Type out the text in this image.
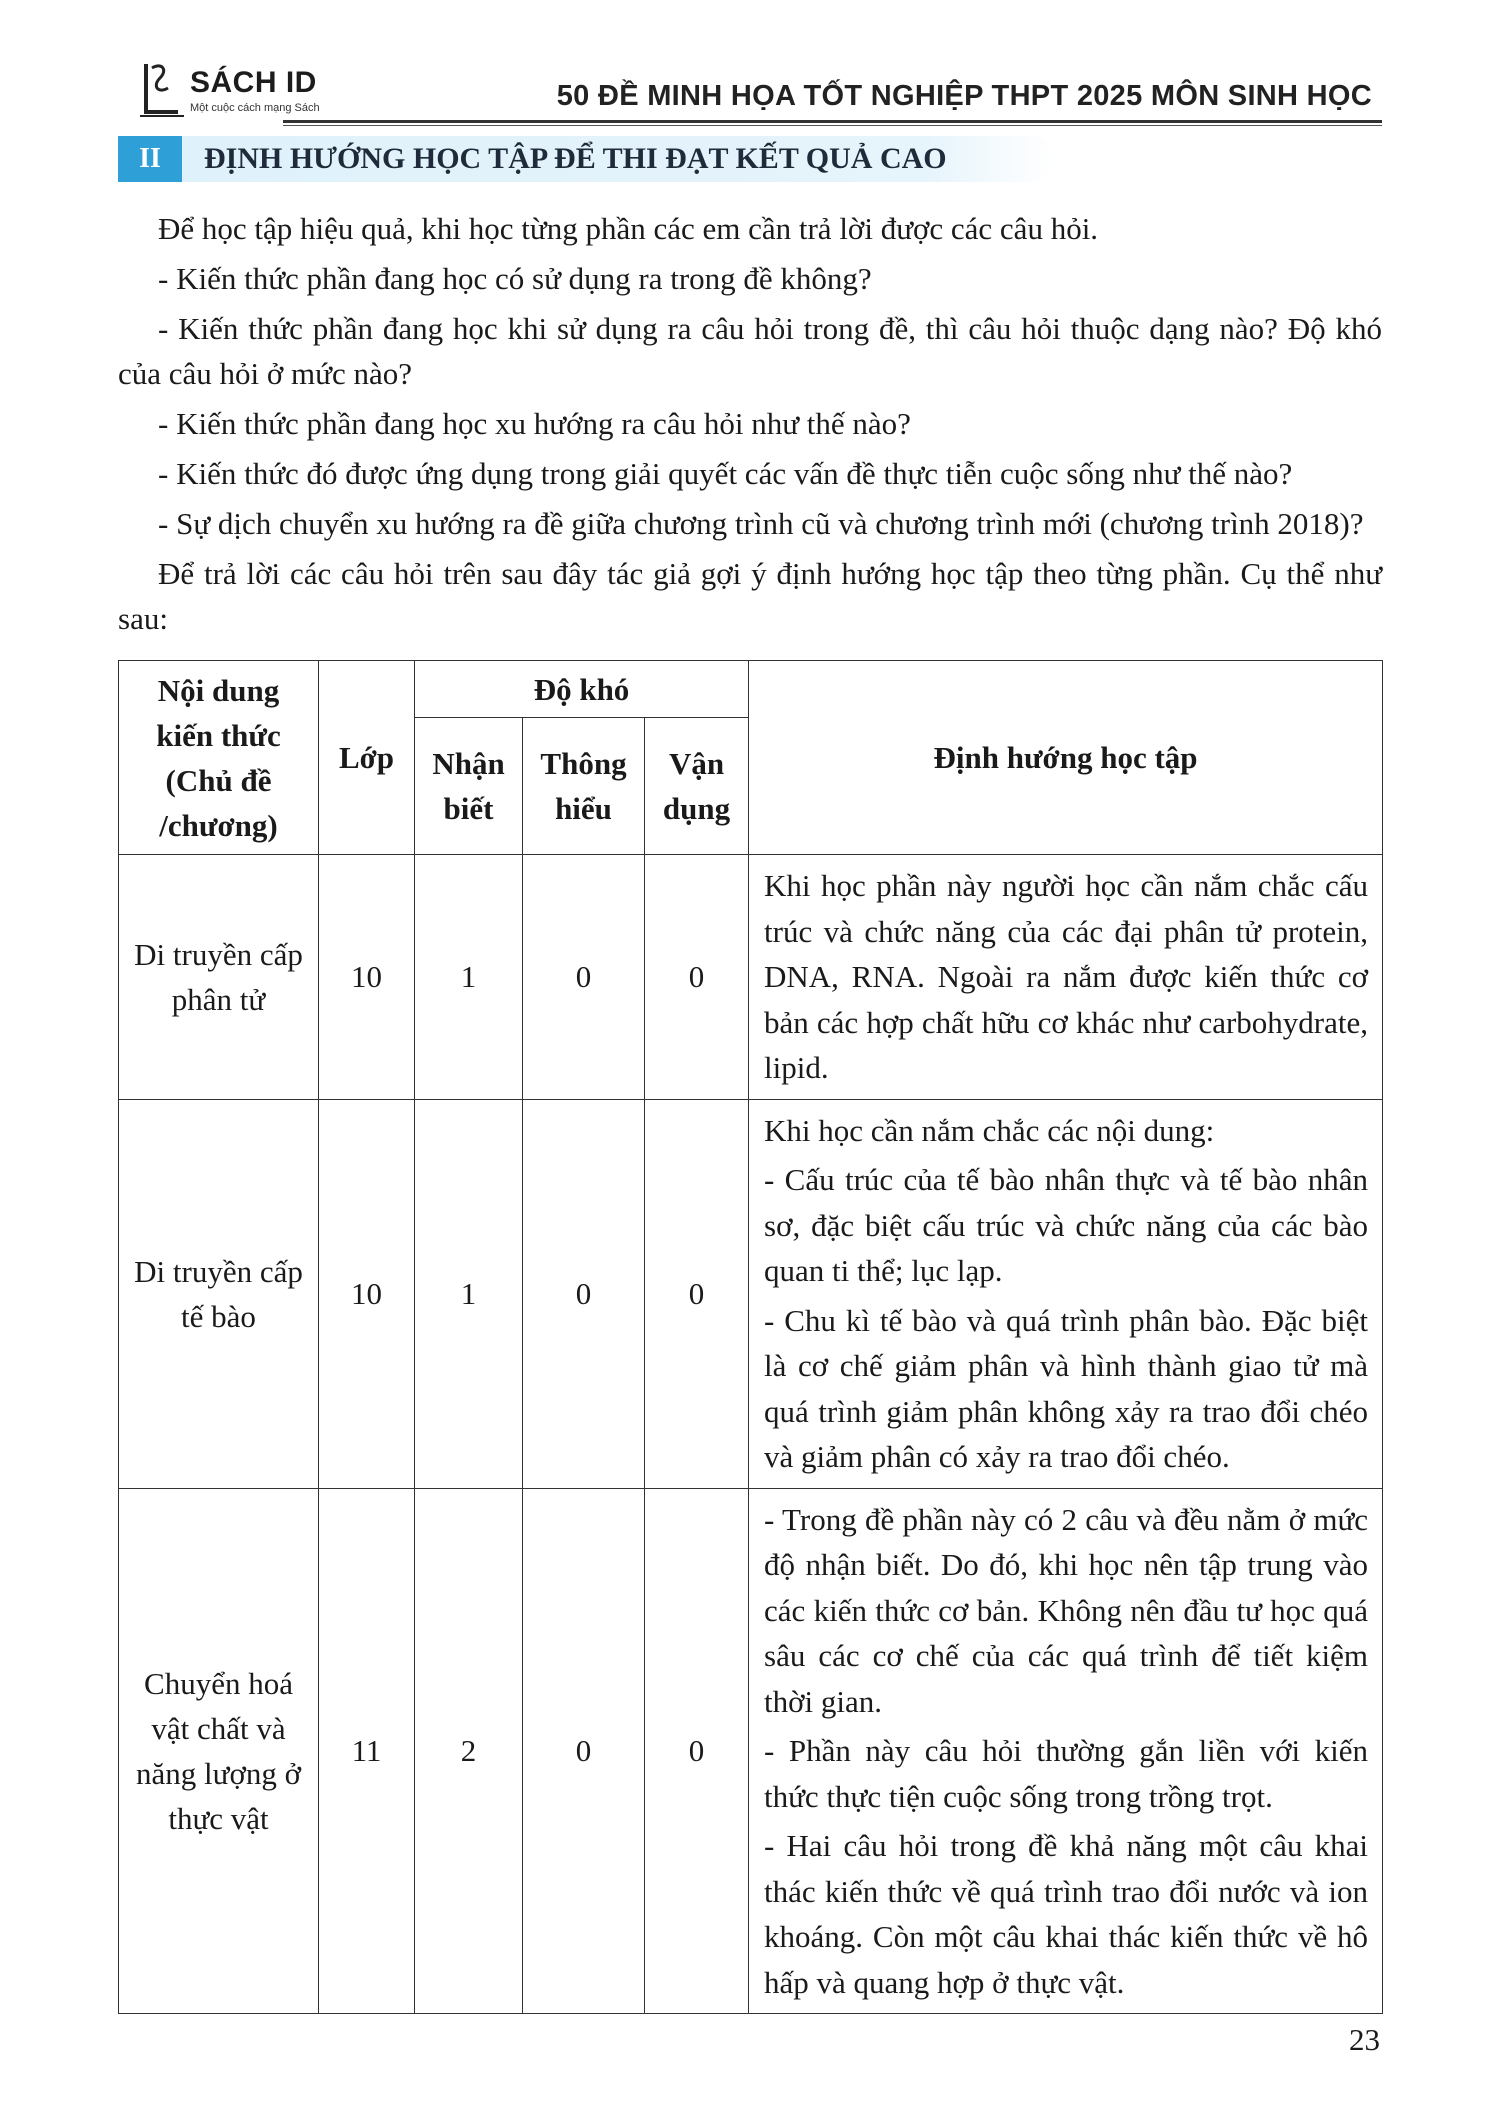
SÁCH ID
Một cuộc cách mạng Sách	50 ĐỀ MINH HỌA TỐT NGHIỆP THPT 2025 MÔN SINH HỌC
II	ĐỊNH HƯỚNG HỌC TẬP ĐỂ THI ĐẠT KẾT QUẢ CAO

Để học tập hiệu quả, khi học từng phần các em cần trả lời được các câu hỏi.

- Kiến thức phần đang học có sử dụng ra trong đề không?

- Kiến thức phần đang học khi sử dụng ra câu hỏi trong đề, thì câu hỏi thuộc dạng nào? Độ khó của câu hỏi ở mức nào?

- Kiến thức phần đang học xu hướng ra câu hỏi như thế nào?

- Kiến thức đó được ứng dụng trong giải quyết các vấn đề thực tiễn cuộc sống như thế nào?

- Sự dịch chuyển xu hướng ra đề giữa chương trình cũ và chương trình mới (chương trình 2018)?

Để trả lời các câu hỏi trên sau đây tác giả gợi ý định hướng học tập theo từng phần. Cụ thể như sau:

Nội dung kiến thức (Chủ đề /chương)	Lớp	Độ khó			Định hướng học tập
		Nhận biết	Thông hiểu	Vận dụng	
Di truyền cấp phân tử	10	1	0	0	Khi học phần này người học cần nắm chắc cấu trúc và chức năng của các đại phân tử protein, DNA, RNA. Ngoài ra nắm được kiến thức cơ bản các hợp chất hữu cơ khác như carbohydrate, lipid.

Di truyền cấp tế bào	10	1	0	0	Khi học cần nắm chắc các nội dung:
- Cấu trúc của tế bào nhân thực và tế bào nhân sơ, đặc biệt cấu trúc và chức năng của các bào quan ti thể; lục lạp.
- Chu kì tế bào và quá trình phân bào. Đặc biệt là cơ chế giảm phân và hình thành giao tử mà quá trình giảm phân không xảy ra trao đổi chéo và giảm phân có xảy ra trao đổi chéo.

Chuyển hoá vật chất và năng lượng ở thực vật	11	2	0	0	- Trong đề phần này có 2 câu và đều nằm ở mức độ nhận biết. Do đó, khi học nên tập trung vào các kiến thức cơ bản. Không nên đầu tư học quá sâu các cơ chế của các quá trình để tiết kiệm thời gian.
- Phần này câu hỏi thường gắn liền với kiến thức thực tiện cuộc sống trong trồng trọt.
- Hai câu hỏi trong đề khả năng một câu khai thác kiến thức về quá trình trao đổi nước và ion khoáng. Còn một câu khai thác kiến thức về hô hấp và quang hợp ở thực vật.
23
